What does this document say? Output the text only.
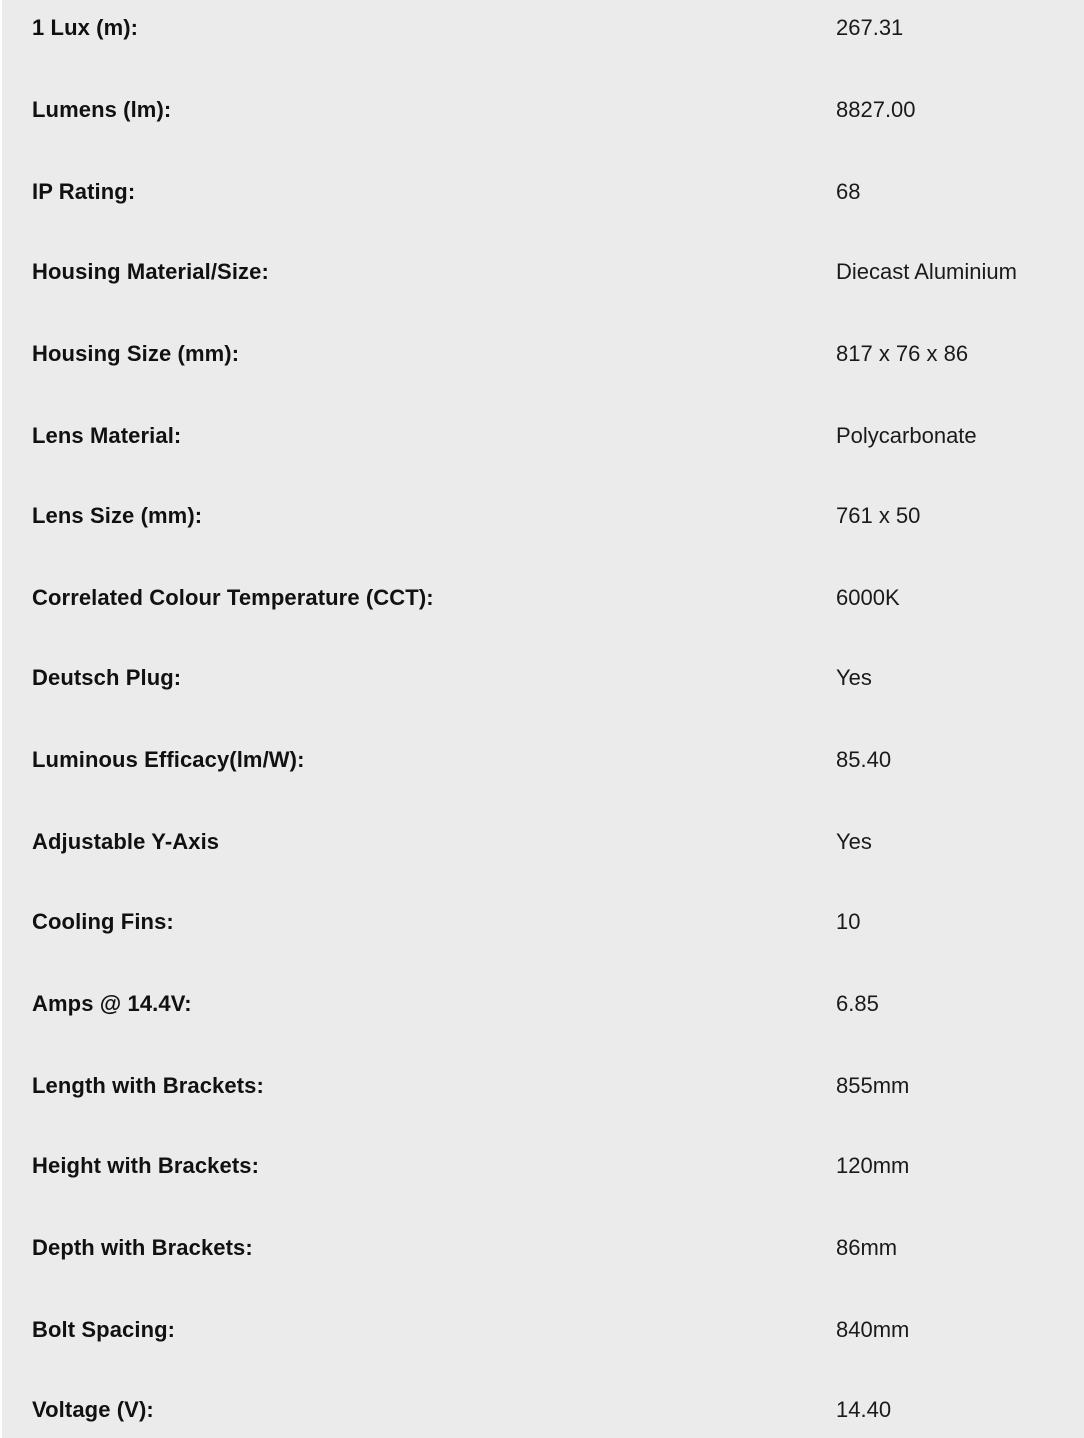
1 Lux (m):	267.31
Lumens (lm):	8827.00
IP Rating:	68
Housing Material/Size:	Diecast Aluminium
Housing Size (mm):	817 x 76 x 86
Lens Material:	Polycarbonate
Lens Size (mm):	761 x 50
Correlated Colour Temperature (CCT):	6000K
Deutsch Plug:	Yes
Luminous Efficacy(lm/W):	85.40
Adjustable Y-Axis	Yes
Cooling Fins:	10
Amps @ 14.4V:	6.85
Length with Brackets:	855mm
Height with Brackets:	120mm
Depth with Brackets:	86mm
Bolt Spacing:	840mm
Voltage (V):	14.40
